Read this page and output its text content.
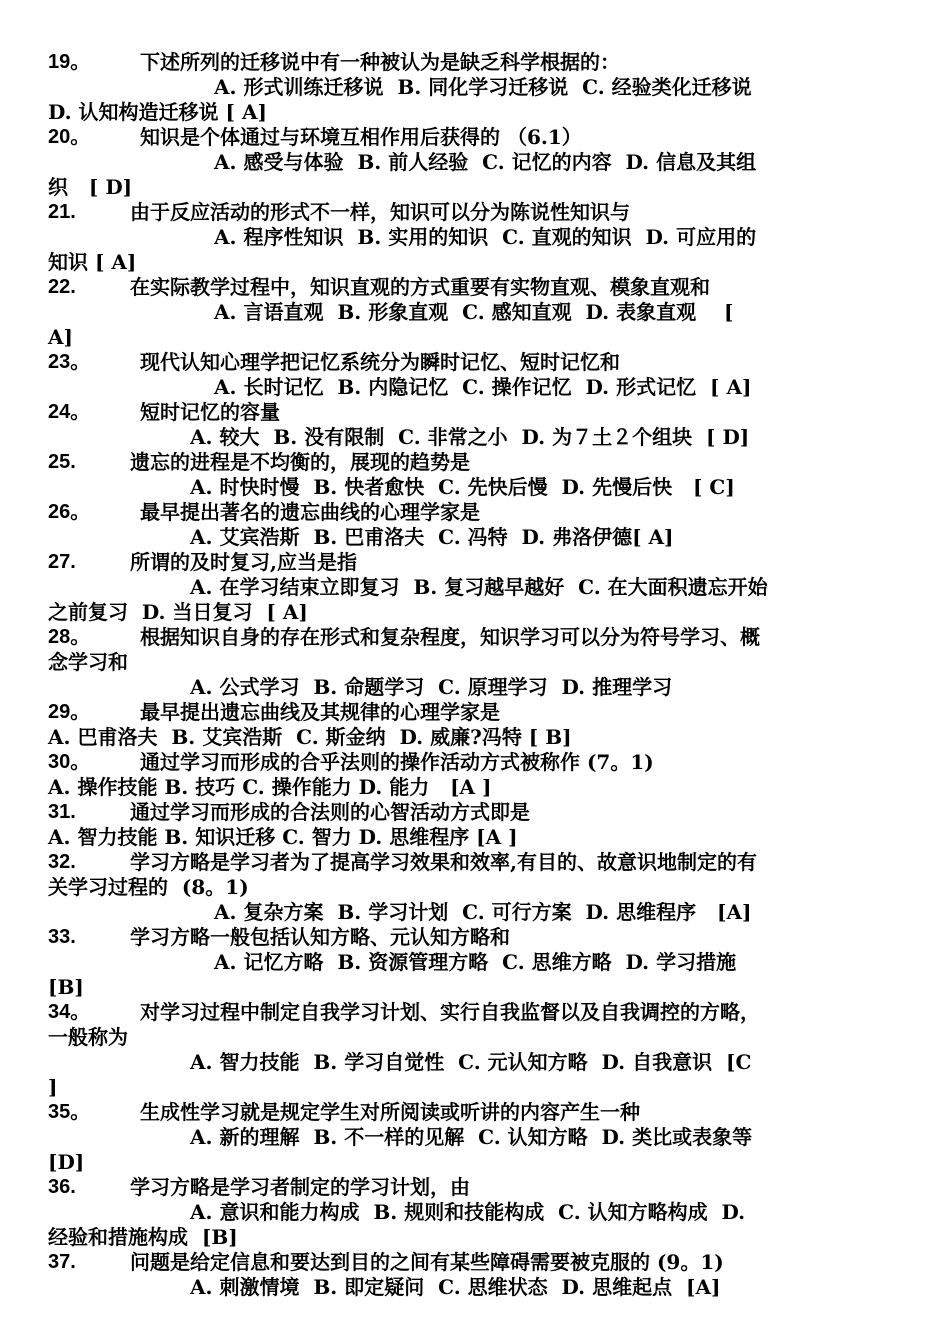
19。 下述所列的迁移说中有一种被认为是缺乏科学根据的：
A. 形式训练迁移说  B. 同化学习迁移说  C. 经验类化迁移说
D. 认知构造迁移说 [ A]
20。 知识是个体通过与环境互相作用后获得的 （6.1）
A. 感受与体验  B. 前人经验  C. 记忆的内容  D. 信息及其组
织   [ D]
21.	由于反应活动的形式不一样，知识可以分为陈说性知识与
A. 程序性知识  B. 实用的知识  C. 直观的知识  D. 可应用的
知识 [ A]
22.	在实际教学过程中，知识直观的方式重要有实物直观、模象直观和
A. 言语直观  B. 形象直观  C. 感知直观  D. 表象直观    [
A]
23。 现代认知心理学把记忆系统分为瞬时记忆、短时记忆和
A. 长时记忆  B. 内隐记忆  C. 操作记忆  D. 形式记忆  [ A]
24。 短时记忆的容量
A. 较大  B. 没有限制  C. 非常之小  D. 为７土２个组块  [ D]
25.	遗忘的进程是不均衡的，展现的趋势是
A. 时快时慢  B. 快者愈快  C. 先快后慢  D. 先慢后快   [ C]
26。 最早提出著名的遗忘曲线的心理学家是
A. 艾宾浩斯  B. 巴甫洛夫  C. 冯特  D. 弗洛伊德[ A]
27.	所谓的及时复习,应当是指
A. 在学习结束立即复习  B. 复习越早越好  C. 在大面积遗忘开始
之前复习  D. 当日复习  [ A]
28。 根据知识自身的存在形式和复杂程度，知识学习可以分为符号学习、概
念学习和
A. 公式学习  B. 命题学习  C. 原理学习  D. 推理学习
29。 最早提出遗忘曲线及其规律的心理学家是
A. 巴甫洛夫  B. 艾宾浩斯  C. 斯金纳  D. 威廉?冯特 [ B]
30。 通过学习而形成的合乎法则的操作活动方式被称作 (7。1)
A. 操作技能 B. 技巧 C. 操作能力 D. 能力   [A ]
31.	通过学习而形成的合法则的心智活动方式即是
A. 智力技能 B. 知识迁移 C. 智力 D. 思维程序 [A ]
32.	学习方略是学习者为了提高学习效果和效率,有目的、故意识地制定的有
关学习过程的  (8。1)
A. 复杂方案  B. 学习计划  C. 可行方案  D. 思维程序   [A]
33.	学习方略一般包括认知方略、元认知方略和
A. 记忆方略  B. 资源管理方略  C. 思维方略  D. 学习措施
[B]
34。 对学习过程中制定自我学习计划、实行自我监督以及自我调控的方略，
一般称为
A. 智力技能  B. 学习自觉性  C. 元认知方略  D. 自我意识  [C
]
35。 生成性学习就是规定学生对所阅读或听讲的内容产生一种
A. 新的理解  B. 不一样的见解  C. 认知方略  D. 类比或表象等
[D]
36.	学习方略是学习者制定的学习计划，由
A. 意识和能力构成  B. 规则和技能构成  C. 认知方略构成  D.
经验和措施构成  [B]
37.	问题是给定信息和要达到目的之间有某些障碍需要被克服的 (9。1)
A. 刺激情境  B. 即定疑问  C. 思维状态  D. 思维起点  [A]
